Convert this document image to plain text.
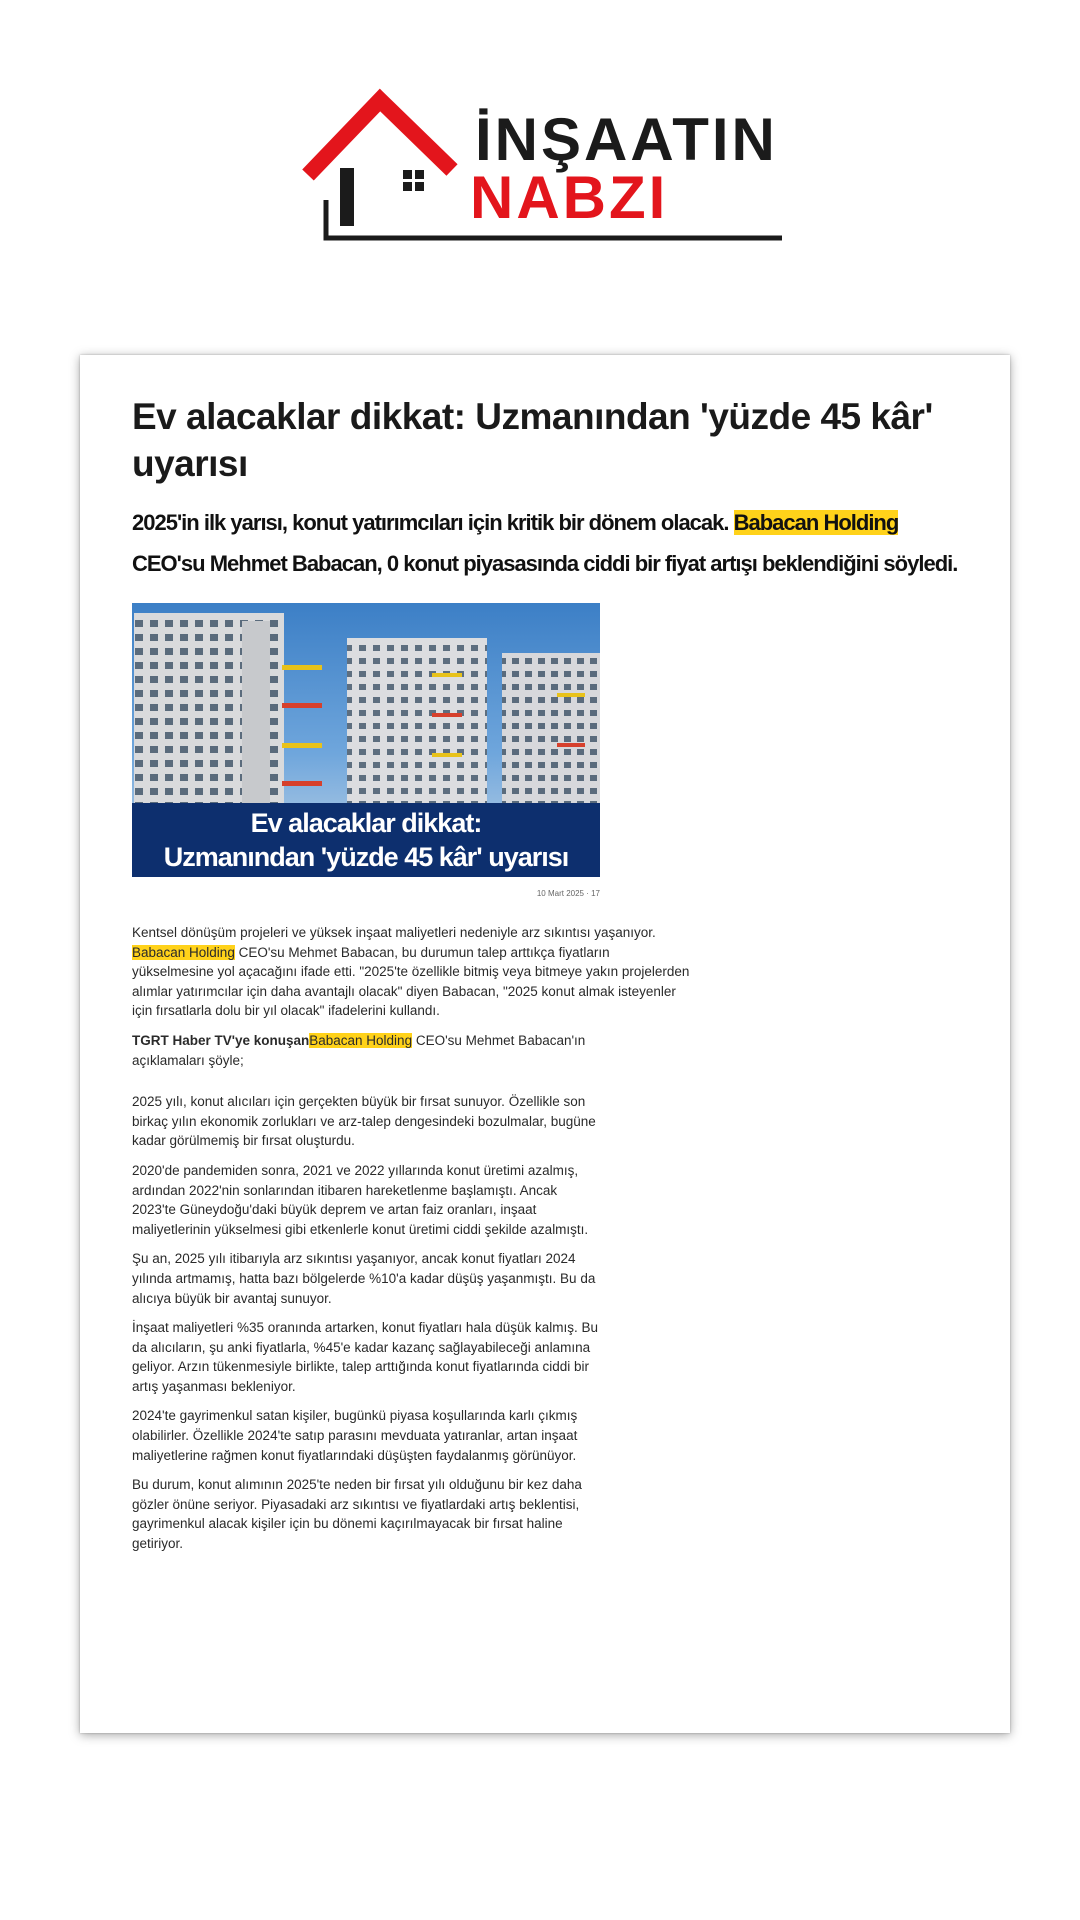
İNŞAATIN
NABZI
Ev alacaklar dikkat: Uzmanından 'yüzde 45 kâr' uyarısı

2025'in ilk yarısı, konut yatırımcıları için kritik bir dönem olacak. Babacan Holding CEO'su Mehmet Babacan, 0 konut piyasasında ciddi bir fiyat artışı beklendiğini söyledi.

Ev alacaklar dikkat:
Uzmanından 'yüzde 45 kâr' uyarısı
10 Mart 2025 · 17

Kentsel dönüşüm projeleri ve yüksek inşaat maliyetleri nedeniyle arz sıkıntısı yaşanıyor. Babacan Holding CEO'su Mehmet Babacan, bu durumun talep arttıkça fiyatların yükselmesine yol açacağını ifade etti. "2025'te özellikle bitmiş veya bitmeye yakın projelerden alımlar yatırımcılar için daha avantajlı olacak" diyen Babacan, "2025 konut almak isteyenler için fırsatlarla dolu bir yıl olacak" ifadelerini kullandı.

TGRT Haber TV'ye konuşanBabacan Holding CEO'su Mehmet Babacan'ın açıklamaları şöyle;

2025 yılı, konut alıcıları için gerçekten büyük bir fırsat sunuyor. Özellikle son birkaç yılın ekonomik zorlukları ve arz-talep dengesindeki bozulmalar, bugüne kadar görülmemiş bir fırsat oluşturdu.

2020'de pandemiden sonra, 2021 ve 2022 yıllarında konut üretimi azalmış, ardından 2022'nin sonlarından itibaren hareketlenme başlamıştı. Ancak 2023'te Güneydoğu'daki büyük deprem ve artan faiz oranları, inşaat maliyetlerinin yükselmesi gibi etkenlerle konut üretimi ciddi şekilde azalmıştı.

Şu an, 2025 yılı itibarıyla arz sıkıntısı yaşanıyor, ancak konut fiyatları 2024 yılında artmamış, hatta bazı bölgelerde %10'a kadar düşüş yaşanmıştı. Bu da alıcıya büyük bir avantaj sunuyor.

İnşaat maliyetleri %35 oranında artarken, konut fiyatları hala düşük kalmış. Bu da alıcıların, şu anki fiyatlarla, %45'e kadar kazanç sağlayabileceği anlamına geliyor. Arzın tükenmesiyle birlikte, talep arttığında konut fiyatlarında ciddi bir artış yaşanması bekleniyor.

2024'te gayrimenkul satan kişiler, bugünkü piyasa koşullarında karlı çıkmış olabilirler. Özellikle 2024'te satıp parasını mevduata yatıranlar, artan inşaat maliyetlerine rağmen konut fiyatlarındaki düşüşten faydalanmış görünüyor.

Bu durum, konut alımının 2025'te neden bir fırsat yılı olduğunu bir kez daha gözler önüne seriyor. Piyasadaki arz sıkıntısı ve fiyatlardaki artış beklentisi, gayrimenkul alacak kişiler için bu dönemi kaçırılmayacak bir fırsat haline getiriyor.
